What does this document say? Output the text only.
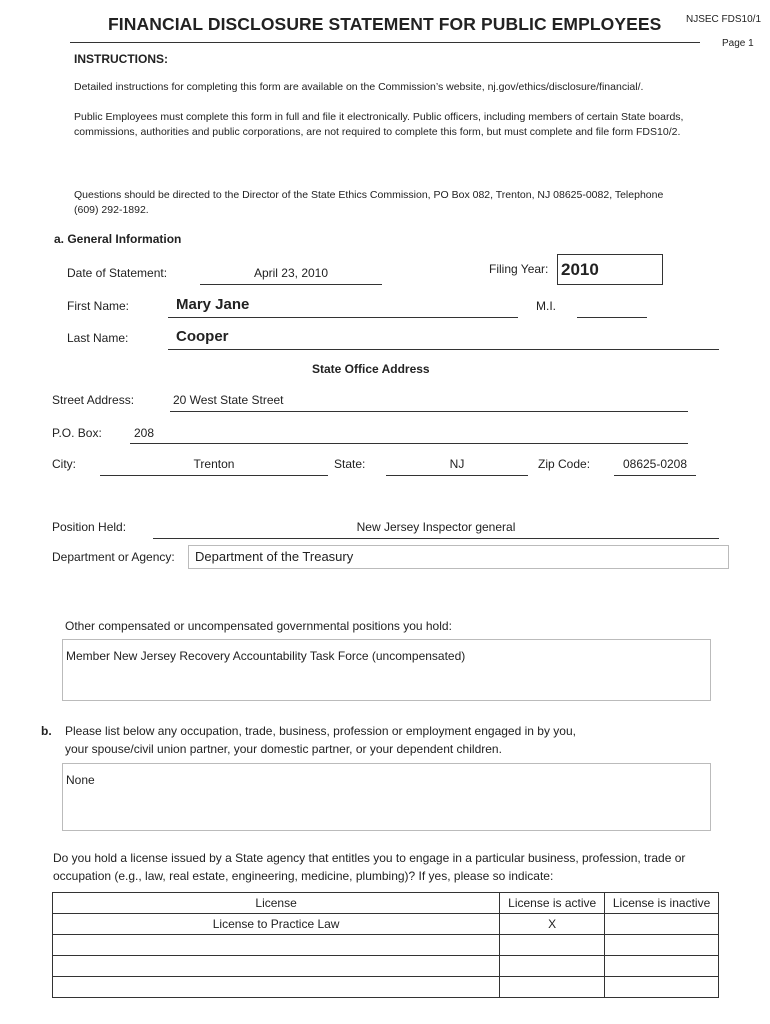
FINANCIAL DISCLOSURE STATEMENT FOR PUBLIC EMPLOYEES NJSEC FDS10/1
Page 1
INSTRUCTIONS:
Detailed instructions for completing this form are available on the Commission’s website, nj.gov/ethics/disclosure/financial/.
Public Employees must complete this form in full and file it electronically. Public officers, including members of certain State boards, commissions, authorities and public corporations, are not required to complete this form, but must complete and file form FDS10/2.
Questions should be directed to the Director of the State Ethics Commission, PO Box 082, Trenton, NJ 08625-0082, Telephone (609) 292-1892.
a. General Information
Date of Statement:	April 23, 2010	Filing Year: 2010
First Name:	Mary Jane	M.I.
Last Name:	Cooper
State Office Address
Street Address:	20 West State Street
P.O. Box:	208
City:	Trenton	State:	NJ	Zip Code:	08625-0208
Position Held:	New Jersey Inspector general
Department or Agency: Department of the Treasury
Other compensated or uncompensated governmental positions you hold:
Member New Jersey Recovery Accountability Task Force (uncompensated)
b. Please list below any occupation, trade, business, profession or employment engaged in by you,
your spouse/civil union partner, your domestic partner, or your dependent children.
None
Do you hold a license issued by a State agency that entitles you to engage in a particular business, profession, trade or
occupation (e.g., law, real estate, engineering, medicine, plumbing)? If yes, please so indicate:
License	License is active	License is inactive
License to Practice Law	X	
